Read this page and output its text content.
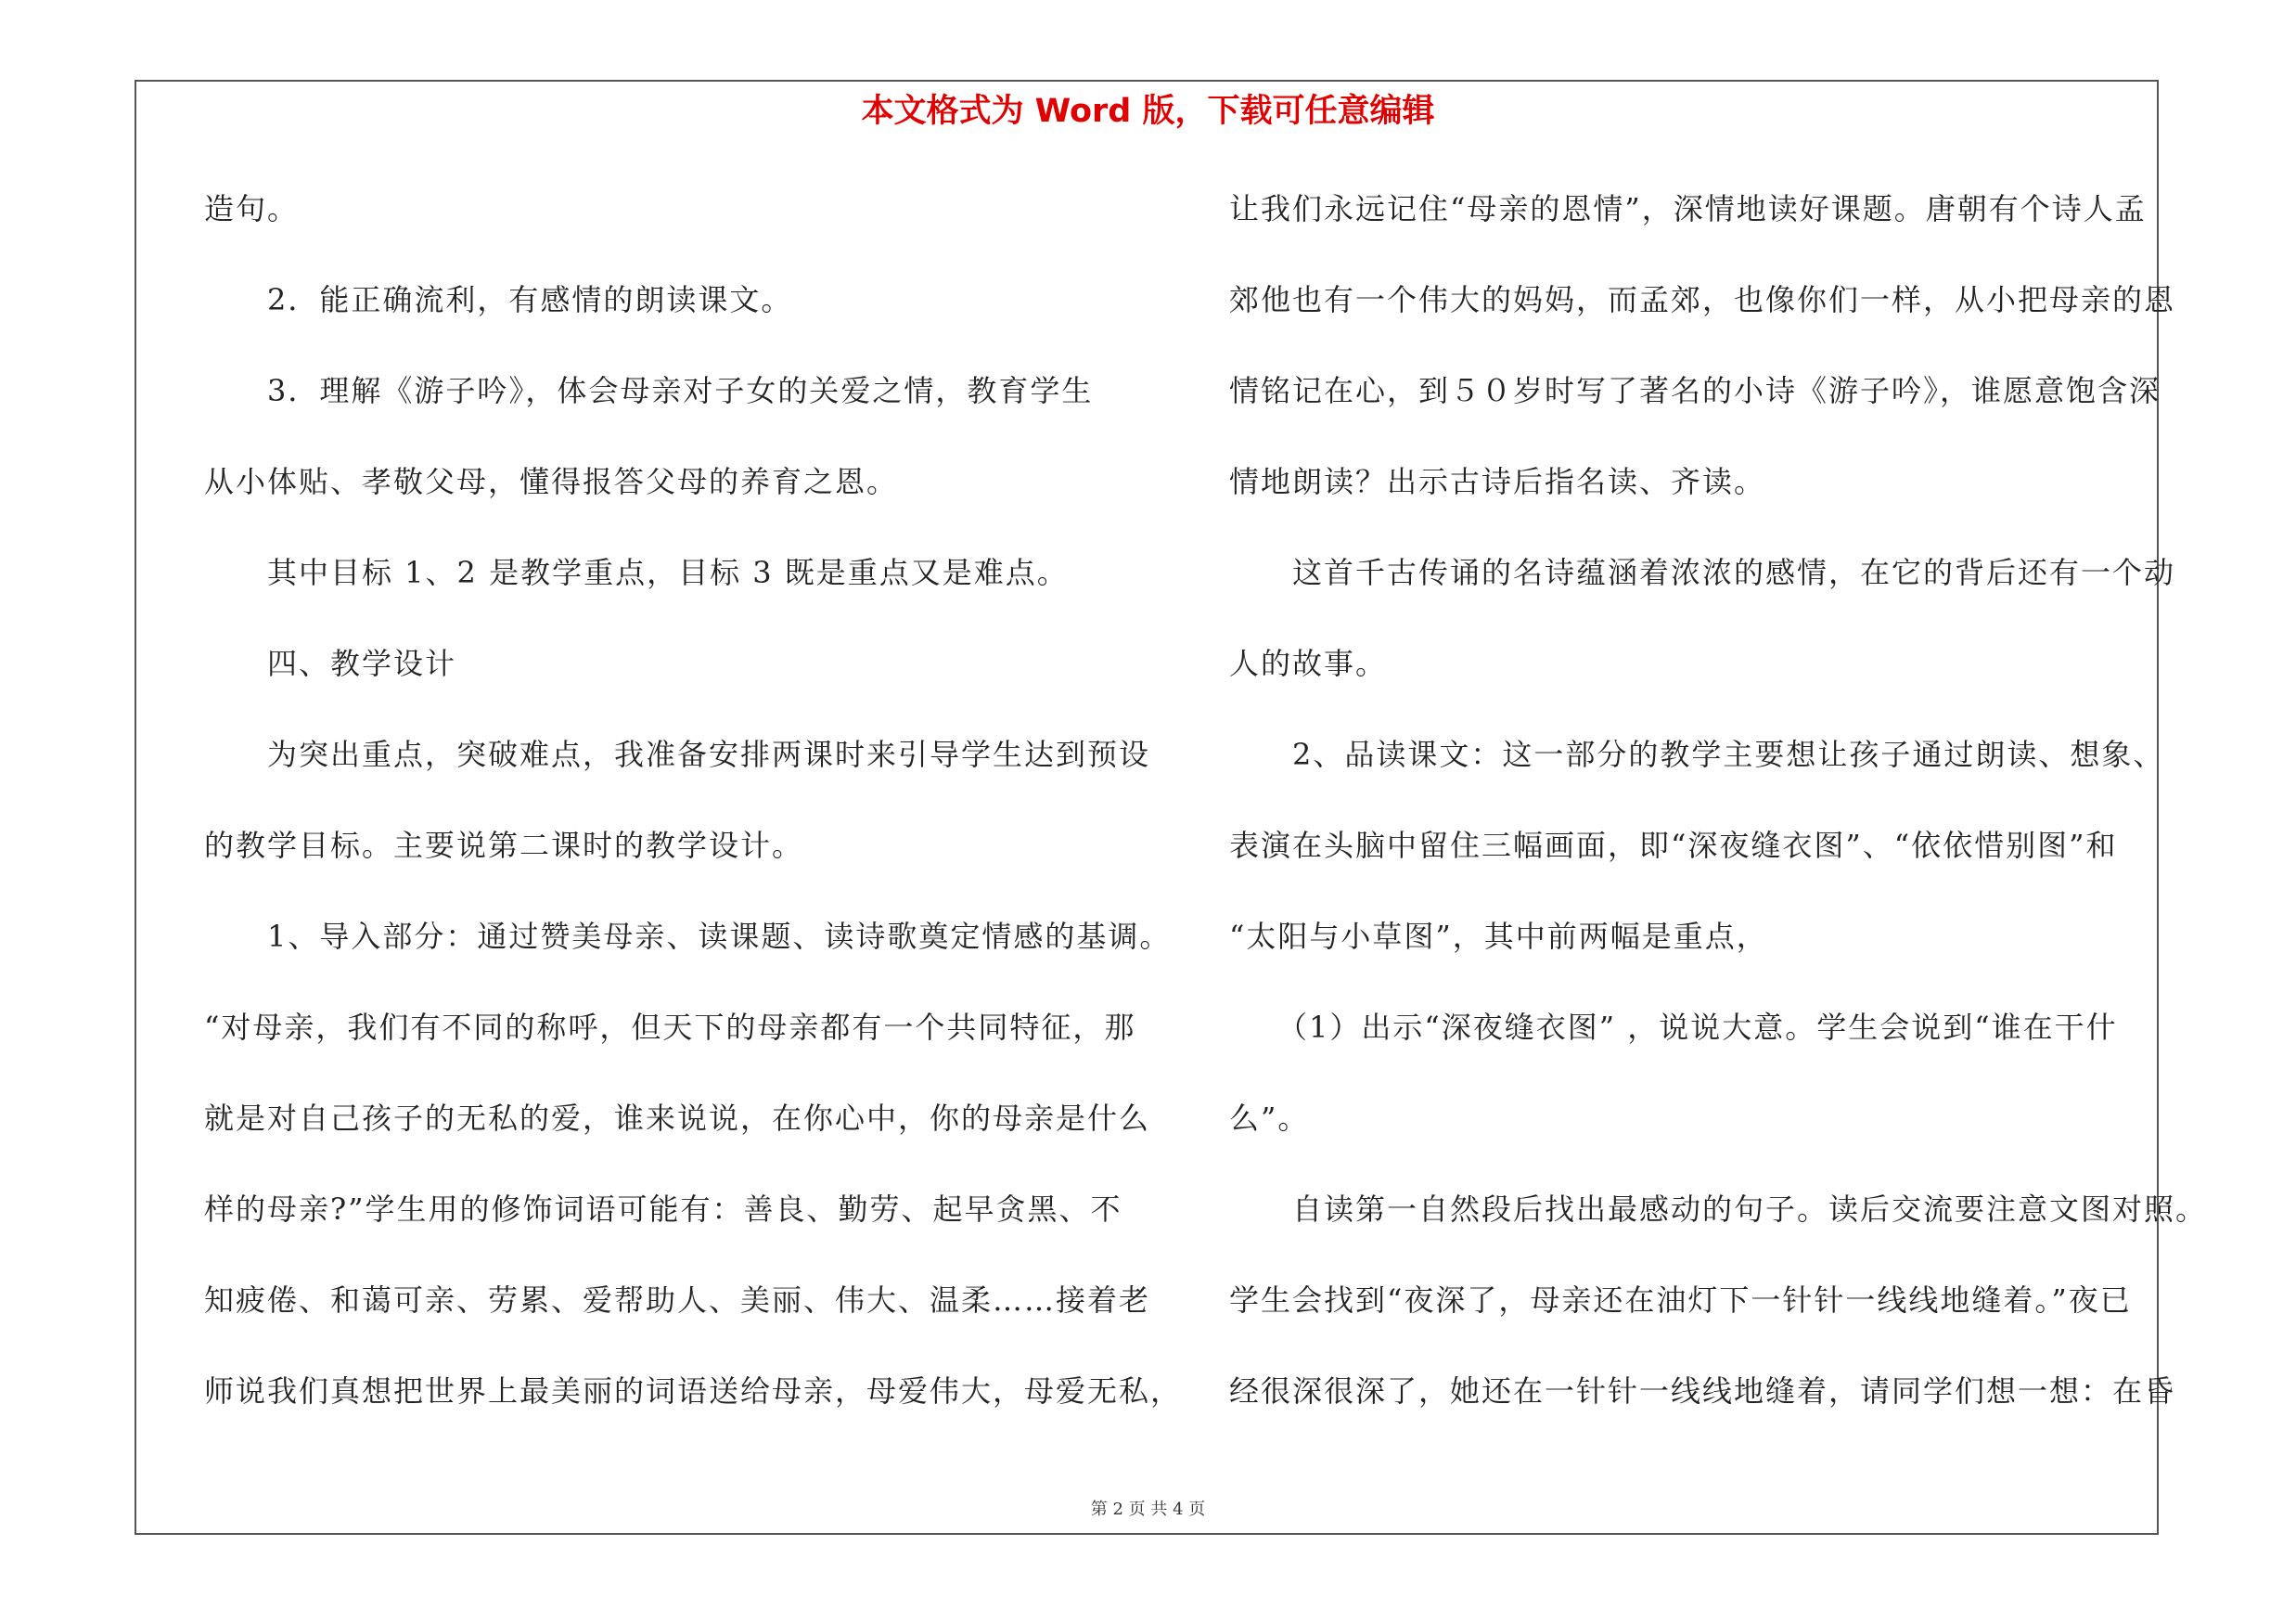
本文格式为 Word 版，下载可任意编辑
造句。
　　2．能正确流利，有感情的朗读课文。
　　3．理解《游子吟》，体会母亲对子女的关爱之情，教育学生
从小体贴、孝敬父母，懂得报答父母的养育之恩。
　　其中目标 1、2 是教学重点，目标 3 既是重点又是难点。
　　四、教学设计
　　为突出重点，突破难点，我准备安排两课时来引导学生达到预设
的教学目标。主要说第二课时的教学设计。
　　1、导入部分：通过赞美母亲、读课题、读诗歌奠定情感的基调。
“对母亲，我们有不同的称呼，但天下的母亲都有一个共同特征，那
就是对自己孩子的无私的爱，谁来说说，在你心中，你的母亲是什么
样的母亲?”学生用的修饰词语可能有：善良、勤劳、起早贪黑、不
知疲倦、和蔼可亲、劳累、爱帮助人、美丽、伟大、温柔……接着老
师说我们真想把世界上最美丽的词语送给母亲，母爱伟大，母爱无私，
让我们永远记住“母亲的恩情”，深情地读好课题。唐朝有个诗人孟
郊他也有一个伟大的妈妈，而孟郊，也像你们一样，从小把母亲的恩
情铭记在心，到５０岁时写了著名的小诗《游子吟》，谁愿意饱含深
情地朗读？出示古诗后指名读、齐读。
　　这首千古传诵的名诗蕴涵着浓浓的感情，在它的背后还有一个动
人的故事。
　　2、品读课文：这一部分的教学主要想让孩子通过朗读、想象、
表演在头脑中留住三幅画面，即“深夜缝衣图”、“依依惜别图”和
“太阳与小草图”，其中前两幅是重点，
　　（1）出示“深夜缝衣图” ，说说大意。学生会说到“谁在干什
么”。
　　自读第一自然段后找出最感动的句子。读后交流要注意文图对照。
学生会找到“夜深了，母亲还在油灯下一针针一线线地缝着。”夜已
经很深很深了，她还在一针针一线线地缝着，请同学们想一想：在昏
第 2 页 共 4 页
